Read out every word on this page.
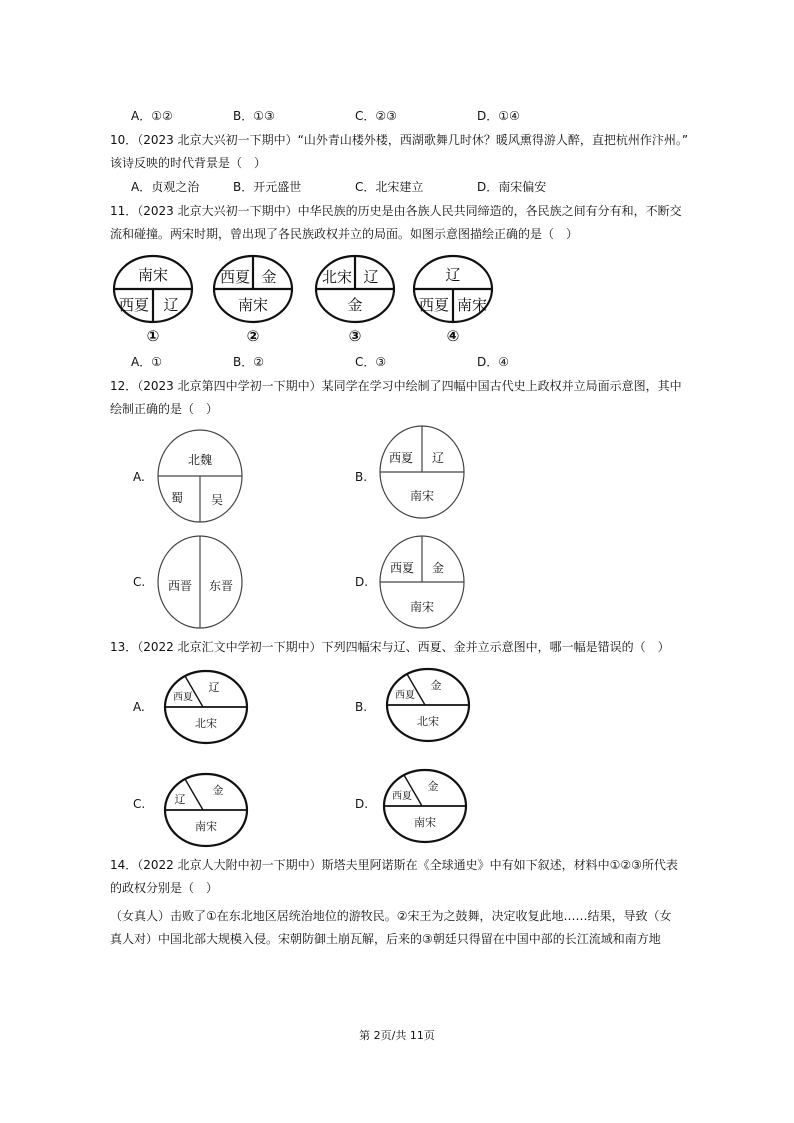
A．①②	B．①③	C．②③	D．①④
10．（2023 北京大兴初一下期中）“山外青山楼外楼，西湖歌舞几时休？暖风熏得游人醉，直把杭州作汴州。”
该诗反映的时代背景是（　）
A．贞观之治	B．开元盛世	C．北宋建立	D．南宋偏安
11．（2023 北京大兴初一下期中）中华民族的历史是由各族人民共同缔造的，各民族之间有分有和，不断交
流和碰撞。两宋时期，曾出现了各民族政权并立的局面。如图示意图描绘正确的是（　）
南宋
西夏 辽
①
西夏 金
南宋
②
北宋 辽
金
③
辽
西夏 南宋
④
A．①	B．②	C．③	D．④
12．（2023 北京第四中学初一下期中）某同学在学习中绘制了四幅中国古代史上政权并立局面示意图，其中
绘制正确的是（　）
A.
北魏
蜀 吴
B.
西夏 辽
南宋
C. 西晋 东晋	D.
西夏 金
南宋
13．（2022 北京汇文中学初一下期中）下列四幅宋与辽、西夏、金并立示意图中，哪一幅是错误的（　）
A.
西夏
辽
北宋
B.
西夏
金
北宋
C.	辽
金
南宋
D.
西夏
金
南宋
14．（2022 北京人大附中初一下期中）斯塔夫里阿诺斯在《全球通史》中有如下叙述，材料中①②③所代表
的政权分别是（　）
（女真人）击败了①在东北地区居统治地位的游牧民。②宋王为之鼓舞，决定收复此地……结果，导致（女
真人对）中国北部大规模入侵。宋朝防御土崩瓦解，后来的③朝廷只得留在中国中部的长江流域和南方地
第 2页/共 11页
